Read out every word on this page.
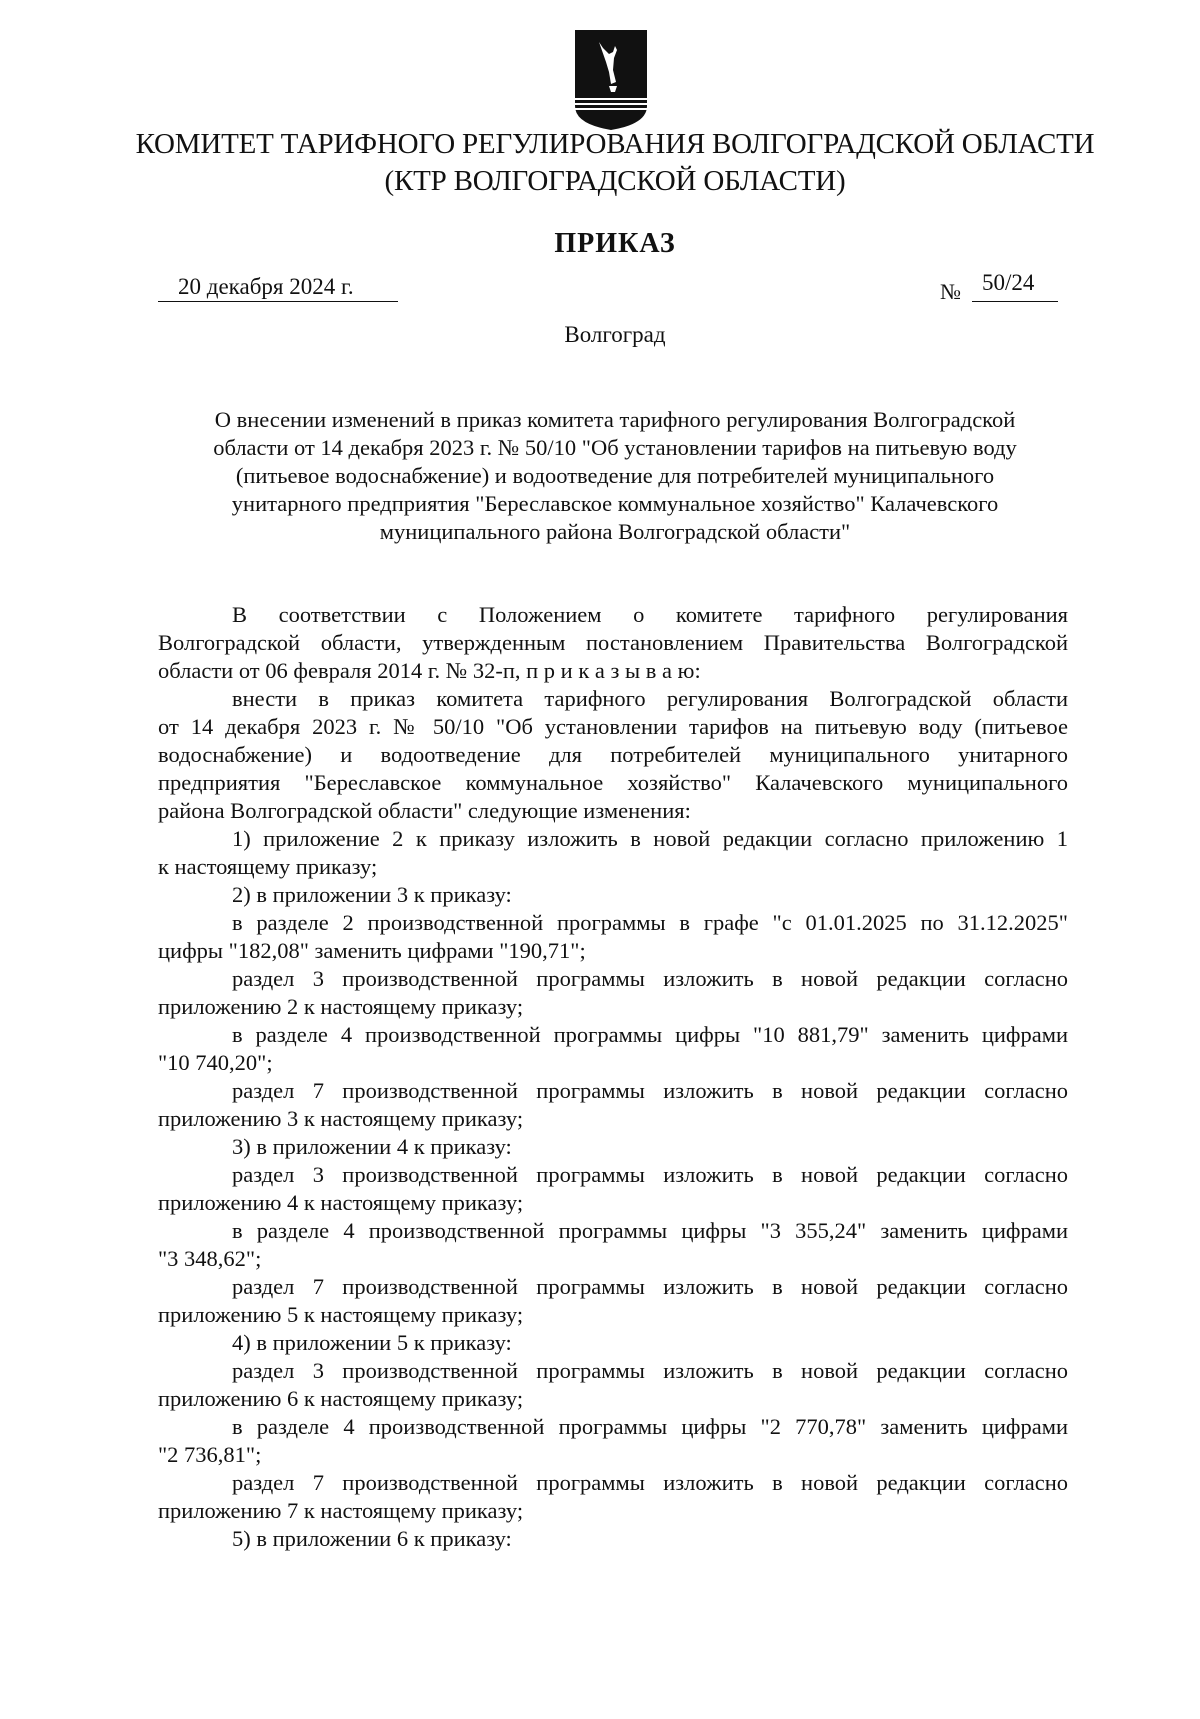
КОМИТЕТ ТАРИФНОГО РЕГУЛИРОВАНИЯ ВОЛГОГРАДСКОЙ ОБЛАСТИ
(КТР ВОЛГОГРАДСКОЙ ОБЛАСТИ)
ПРИКАЗ
20 декабря 2024 г.	№ 50/24
Волгоград
О внесении изменений в приказ комитета тарифного регулирования Волгоградской
области от 14 декабря 2023 г. № 50/10 "Об установлении тарифов на питьевую воду
(питьевое водоснабжение) и водоотведение для потребителей муниципального
унитарного предприятия "Береславское коммунальное хозяйство" Калачевского
муниципального района Волгоградской области"
В соответствии с Положением о комитете тарифного регулирования
Волгоградской области, утвержденным постановлением Правительства Волгоградской
области от 06 февраля 2014 г. № 32-п, п р и к а з ы в а ю:
внести в приказ комитета тарифного регулирования Волгоградской области
от 14 декабря 2023 г. № 50/10 "Об установлении тарифов на питьевую воду (питьевое
водоснабжение) и водоотведение для потребителей муниципального унитарного
предприятия "Береславское коммунальное хозяйство" Калачевского муниципального
района Волгоградской области" следующие изменения:
1) приложение 2 к приказу изложить в новой редакции согласно приложению 1
к настоящему приказу;
2) в приложении 3 к приказу:
в разделе 2 производственной программы в графе "с 01.01.2025 по 31.12.2025"
цифры "182,08" заменить цифрами "190,71";
раздел 3 производственной программы изложить в новой редакции согласно
приложению 2 к настоящему приказу;
в разделе 4 производственной программы цифры "10 881,79" заменить цифрами
"10 740,20";
раздел 7 производственной программы изложить в новой редакции согласно
приложению 3 к настоящему приказу;
3) в приложении 4 к приказу:
раздел 3 производственной программы изложить в новой редакции согласно
приложению 4 к настоящему приказу;
в разделе 4 производственной программы цифры "3 355,24" заменить цифрами
"3 348,62";
раздел 7 производственной программы изложить в новой редакции согласно
приложению 5 к настоящему приказу;
4) в приложении 5 к приказу:
раздел 3 производственной программы изложить в новой редакции согласно
приложению 6 к настоящему приказу;
в разделе 4 производственной программы цифры "2 770,78" заменить цифрами
"2 736,81";
раздел 7 производственной программы изложить в новой редакции согласно
приложению 7 к настоящему приказу;
5) в приложении 6 к приказу:
